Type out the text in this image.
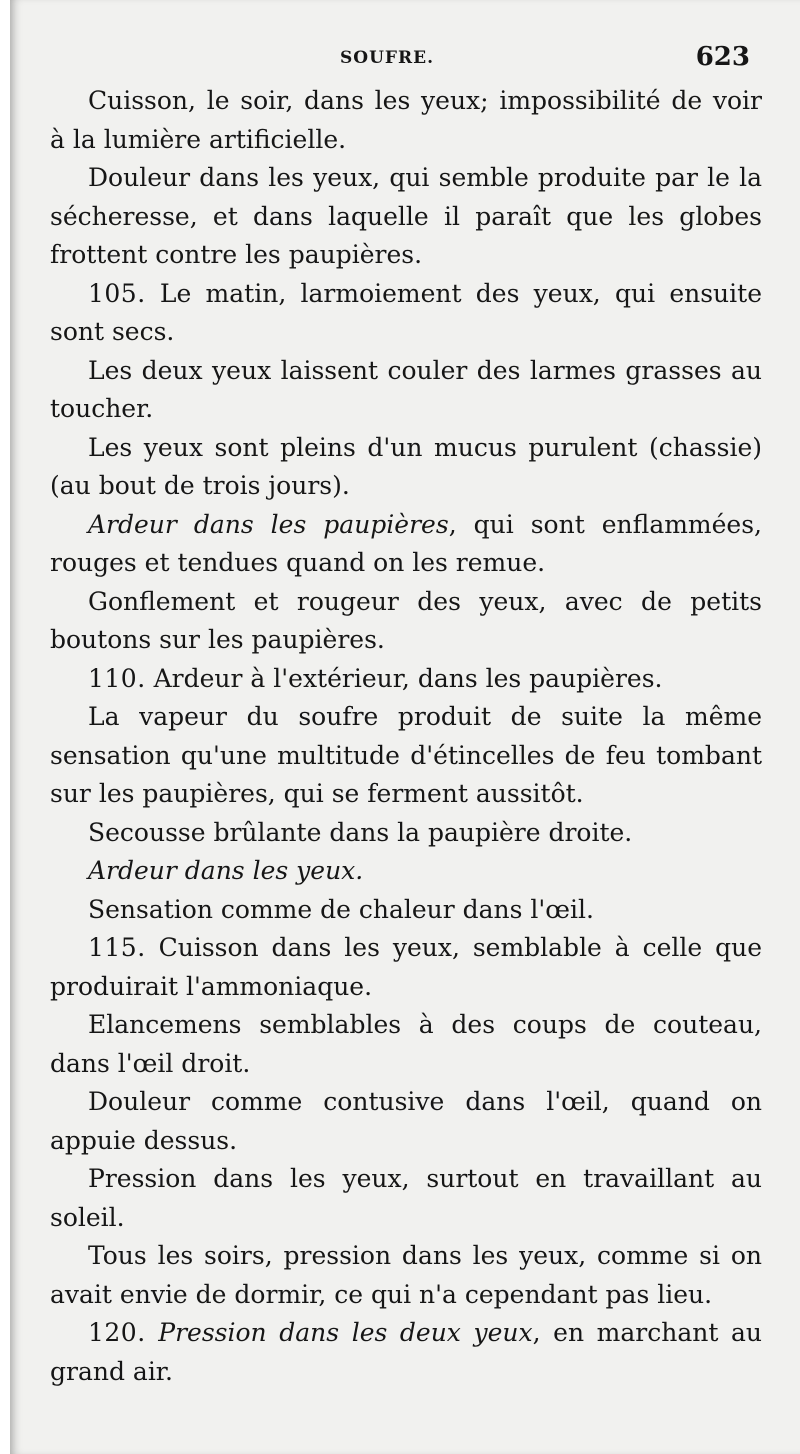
SOUFRE.	623

Cuisson, le soir, dans les yeux; impossibilité de voir à la lumière artificielle.

Douleur dans les yeux, qui semble produite par le la sécheresse, et dans laquelle il paraît que les globes frottent contre les paupières.

105. Le matin, larmoiement des yeux, qui ensuite sont secs.

Les deux yeux laissent couler des larmes grasses au toucher.

Les yeux sont pleins d'un mucus purulent (chassie)(au bout de trois jours).

Ardeur dans les paupières, qui sont enflammées, rouges et tendues quand on les remue.

Gonflement et rougeur des yeux, avec de petits boutons sur les paupières.

110. Ardeur à l'extérieur, dans les paupières.

La vapeur du soufre produit de suite la même sensation qu'une multitude d'étincelles de feu tombant sur les paupières, qui se ferment aussitôt.

Secousse brûlante dans la paupière droite.

Ardeur dans les yeux.

Sensation comme de chaleur dans l'œil.

115. Cuisson dans les yeux, semblable à celle que produirait l'ammoniaque.

Elancemens semblables à des coups de couteau, dans l'œil droit.

Douleur comme contusive dans l'œil, quand on appuie dessus.

Pression dans les yeux, surtout en travaillant au soleil.

Tous les soirs, pression dans les yeux, comme si on avait envie de dormir, ce qui n'a cependant pas lieu.

120. Pression dans les deux yeux, en marchant au grand air.
